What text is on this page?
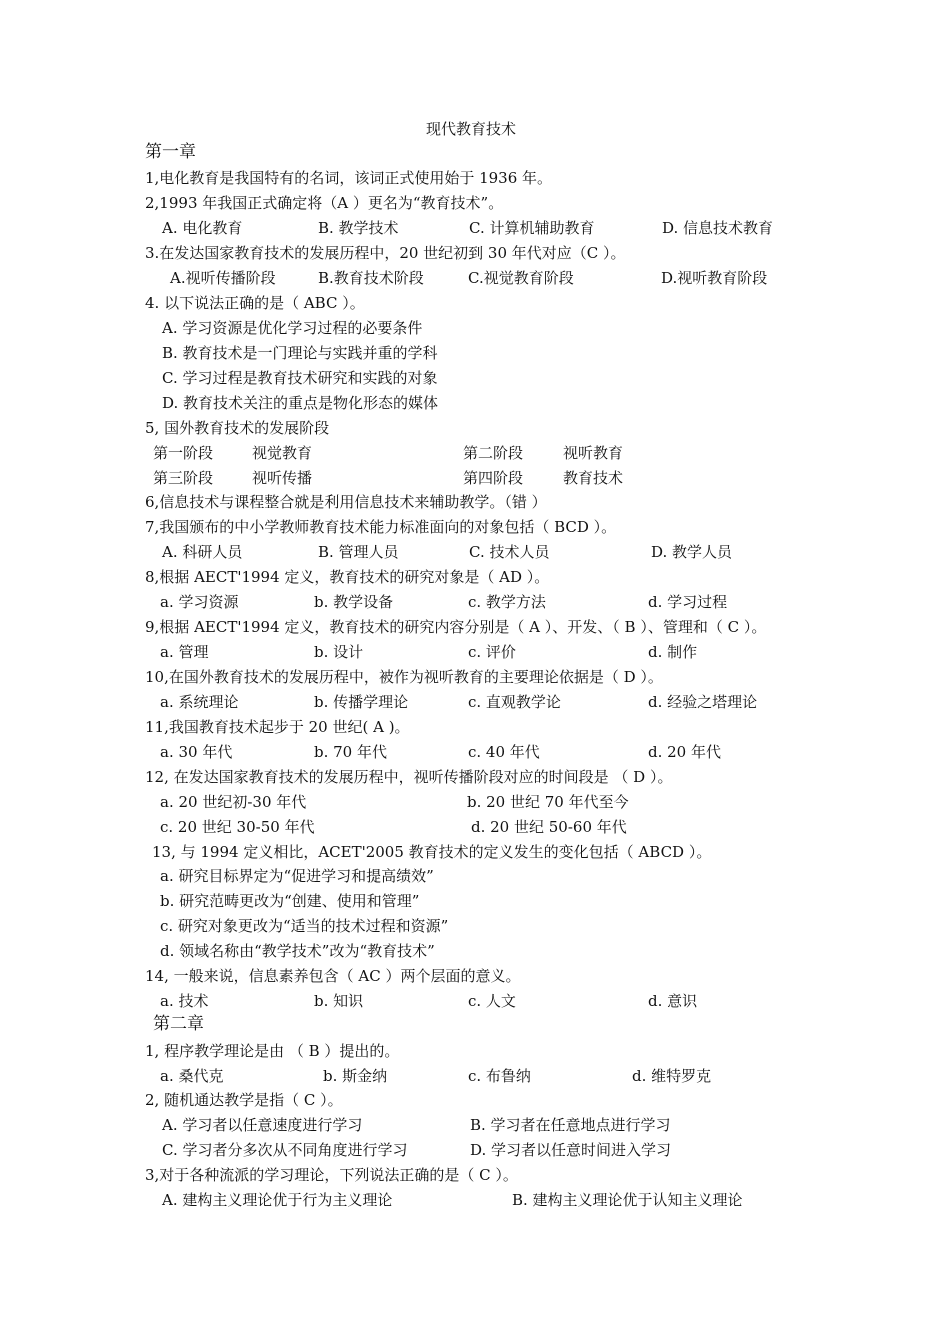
现代教育技术
第一章
1,电化教育是我国特有的名词，该词正式使用始于 1936 年。
2,1993 年我国正式确定将（A ）更名为“教育技术”。
A. 电化教育	B. 教学技术	C. 计算机辅助教育	D. 信息技术教育
3.在发达国家教育技术的发展历程中，20 世纪初到 30 年代对应（C ）。
A.视听传播阶段	B.教育技术阶段	C.视觉教育阶段	D.视听教育阶段
4. 以下说法正确的是（ ABC ）。
A. 学习资源是优化学习过程的必要条件
B. 教育技术是一门理论与实践并重的学科
C. 学习过程是教育技术研究和实践的对象
D. 教育技术关注的重点是物化形态的媒体
5, 国外教育技术的发展阶段
第一阶段	视觉教育	第二阶段	视听教育
第三阶段	视听传播	第四阶段	教育技术
6,信息技术与课程整合就是利用信息技术来辅助教学。（错 ）
7,我国颁布的中小学教师教育技术能力标准面向的对象包括（ BCD ）。
A. 科研人员	B. 管理人员	C. 技术人员	D. 教学人员
8,根据 AECT'1994 定义，教育技术的研究对象是（ AD ）。
a. 学习资源	b. 教学设备	c. 教学方法	d. 学习过程
9,根据 AECT'1994 定义，教育技术的研究内容分别是（ A ）、开发、（ B ）、管理和（ C ）。
a. 管理	b. 设计	c. 评价	d. 制作
10,在国外教育技术的发展历程中，被作为视听教育的主要理论依据是（ D ）。
a. 系统理论	b. 传播学理论	c. 直观教学论	d. 经验之塔理论
11,我国教育技术起步于 20 世纪( A )。
a. 30 年代	b. 70 年代	c. 40 年代	d. 20 年代
12, 在发达国家教育技术的发展历程中，视听传播阶段对应的时间段是 （ D ）。
a. 20 世纪初-30 年代	b. 20 世纪 70 年代至今
c. 20 世纪 30-50 年代	d. 20 世纪 50-60 年代
13, 与 1994 定义相比，ACET'2005 教育技术的定义发生的变化包括（ ABCD ）。
a. 研究目标界定为“促进学习和提高绩效”
b. 研究范畴更改为“创建、使用和管理”
c. 研究对象更改为“适当的技术过程和资源”
d. 领域名称由“教学技术”改为“教育技术”
14, 一般来说，信息素养包含（ AC ）两个层面的意义。
a. 技术	b. 知识	c. 人文	d. 意识
第二章
1, 程序教学理论是由 （ B ）提出的。
a. 桑代克	b. 斯金纳	c. 布鲁纳	d. 维特罗克
2, 随机通达教学是指（ C ）。
A. 学习者以任意速度进行学习	B. 学习者在任意地点进行学习
C. 学习者分多次从不同角度进行学习	D. 学习者以任意时间进入学习
3,对于各种流派的学习理论，下列说法正确的是（ C ）。
A. 建构主义理论优于行为主义理论	B. 建构主义理论优于认知主义理论
